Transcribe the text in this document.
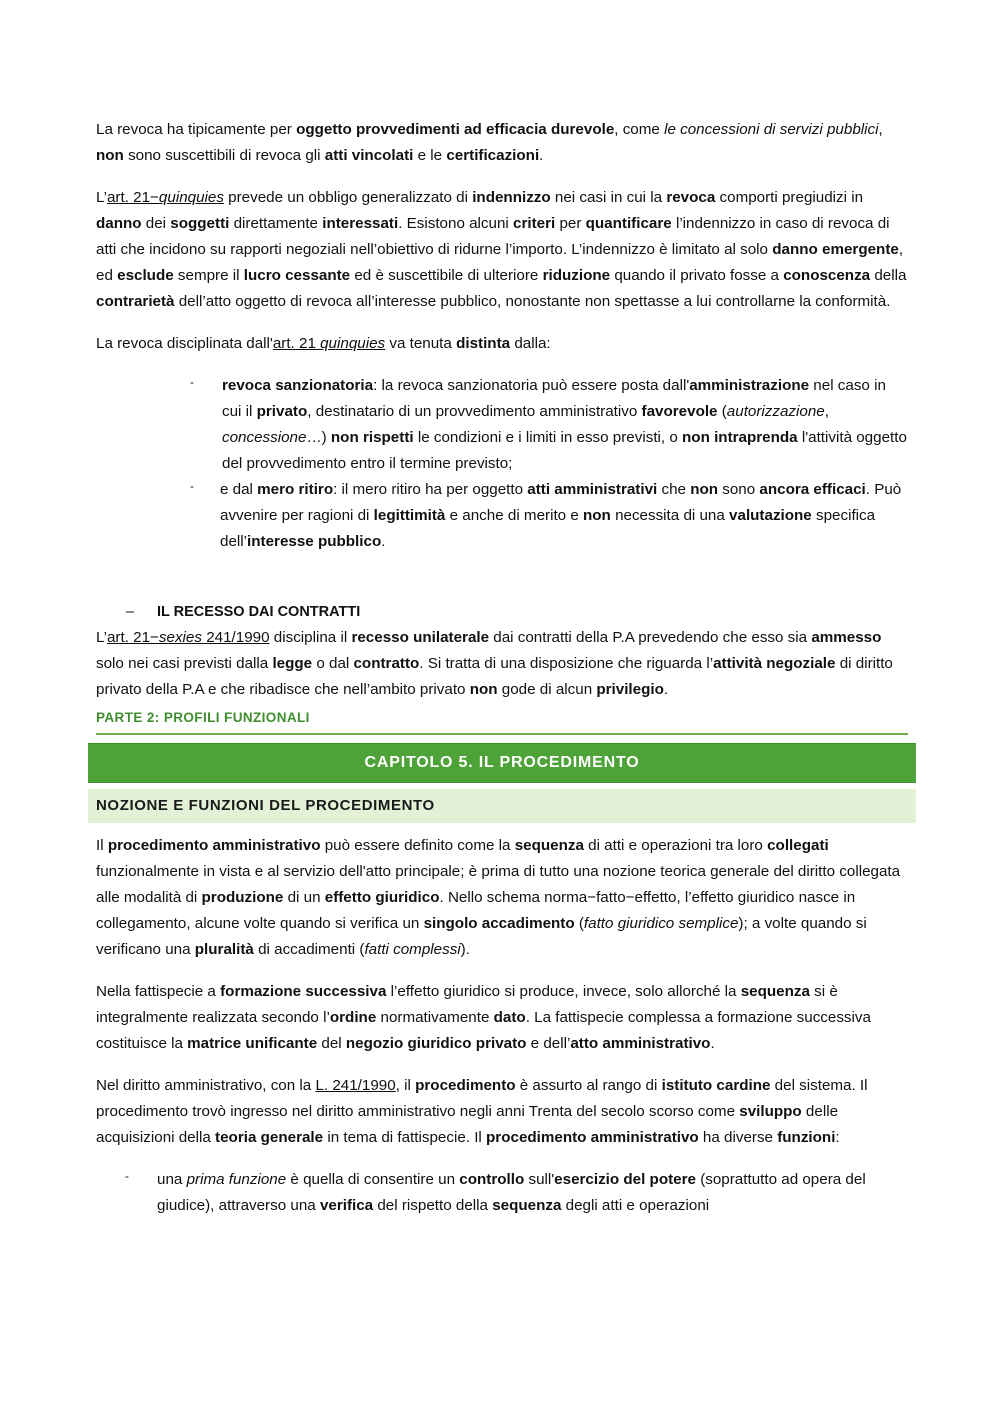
La revoca ha tipicamente per oggetto provvedimenti ad efficacia durevole, come le concessioni di servizi pubblici, non sono suscettibili di revoca gli atti vincolati e le certificazioni.

L’art. 21−quinquies prevede un obbligo generalizzato di indennizzo nei casi in cui la revoca comporti pregiudizi in danno dei soggetti direttamente interessati. Esistono alcuni criteri per quantificare l’indennizzo in caso di revoca di atti che incidono su rapporti negoziali nell’obiettivo di ridurne l’importo. L’indennizzo è limitato al solo danno emergente, ed esclude sempre il lucro cessante ed è suscettibile di ulteriore riduzione quando il privato fosse a conoscenza della contrarietà dell’atto oggetto di revoca all’interesse pubblico, nonostante non spettasse a lui controllarne la conformità.

La revoca disciplinata dall'art. 21 quinquies va tenuta distinta dalla:

- revoca sanzionatoria: la revoca sanzionatoria può essere posta dall'amministrazione nel caso in cui il privato, destinatario di un provvedimento amministrativo favorevole (autorizzazione, concessione…) non rispetti le condizioni e i limiti in esso previsti, o non intraprenda l'attività oggetto del provvedimento entro il termine previsto;
- e dal mero ritiro: il mero ritiro ha per oggetto atti amministrativi che non sono ancora efficaci. Può avvenire per ragioni di legittimità e anche di merito e non necessita di una valutazione specifica dell’interesse pubblico.
– IL RECESSO DAI CONTRATTI

L’art. 21−sexies 241/1990 disciplina il recesso unilaterale dai contratti della P.A prevedendo che esso sia ammesso solo nei casi previsti dalla legge o dal contratto. Si tratta di una disposizione che riguarda l’attività negoziale di diritto privato della P.A e che ribadisce che nell’ambito privato non gode di alcun privilegio.

PARTE 2: PROFILI FUNZIONALI
CAPITOLO 5. IL PROCEDIMENTO
NOZIONE E FUNZIONI DEL PROCEDIMENTO

Il procedimento amministrativo può essere definito come la sequenza di atti e operazioni tra loro collegati funzionalmente in vista e al servizio dell'atto principale; è prima di tutto una nozione teorica generale del diritto collegata alle modalità di produzione di un effetto giuridico. Nello schema norma−fatto−effetto, l’effetto giuridico nasce in collegamento, alcune volte quando si verifica un singolo accadimento (fatto giuridico semplice); a volte quando si verificano una pluralità di accadimenti (fatti complessi).

Nella fattispecie a formazione successiva l’effetto giuridico si produce, invece, solo allorché la sequenza si è integralmente realizzata secondo l’ordine normativamente dato. La fattispecie complessa a formazione successiva costituisce la matrice unificante del negozio giuridico privato e dell’atto amministrativo.

Nel diritto amministrativo, con la L. 241/1990, il procedimento è assurto al rango di istituto cardine del sistema. Il procedimento trovò ingresso nel diritto amministrativo negli anni Trenta del secolo scorso come sviluppo delle acquisizioni della teoria generale in tema di fattispecie. Il procedimento amministrativo ha diverse funzioni:

- una prima funzione è quella di consentire un controllo sull'esercizio del potere (soprattutto ad opera del giudice), attraverso una verifica del rispetto della sequenza degli atti e operazioni
